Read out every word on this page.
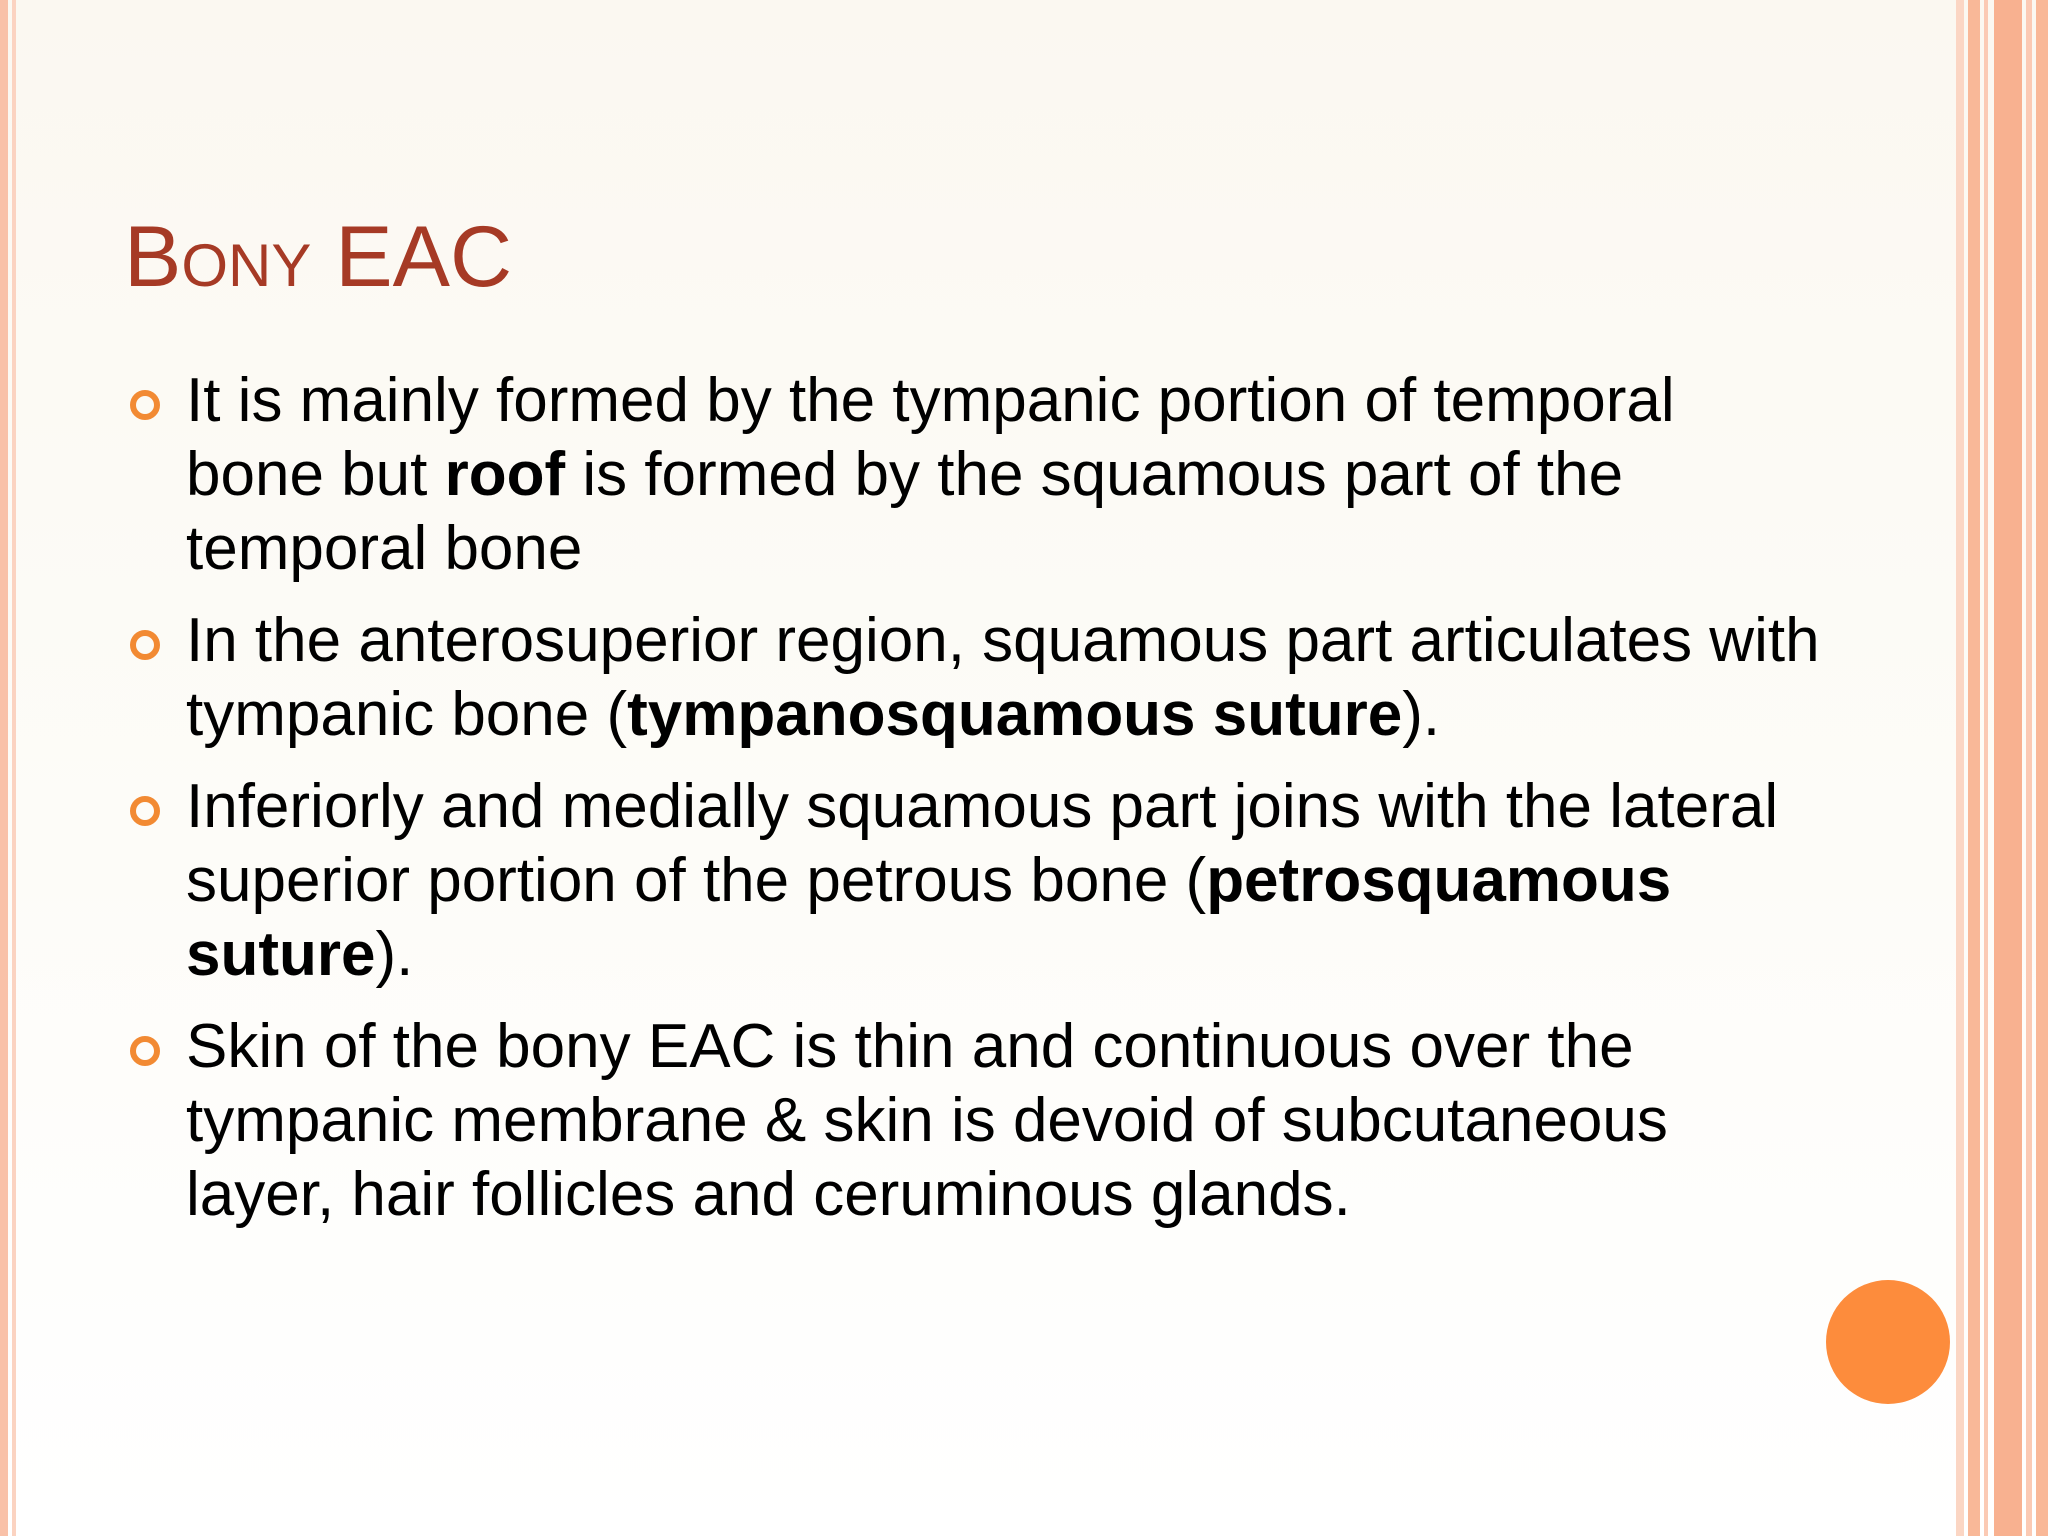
Bony EAC
It is mainly formed by the tympanic portion of temporal bone but roof is formed by the squamous part of the temporal bone
In the anterosuperior region, squamous part articulates with tympanic bone (tympanosquamous suture).
Inferiorly and medially squamous part joins with the lateral superior portion of the petrous bone (petrosquamous suture).
Skin of the bony EAC is thin and continuous over the tympanic membrane & skin is devoid of subcutaneous layer, hair follicles and ceruminous glands.
